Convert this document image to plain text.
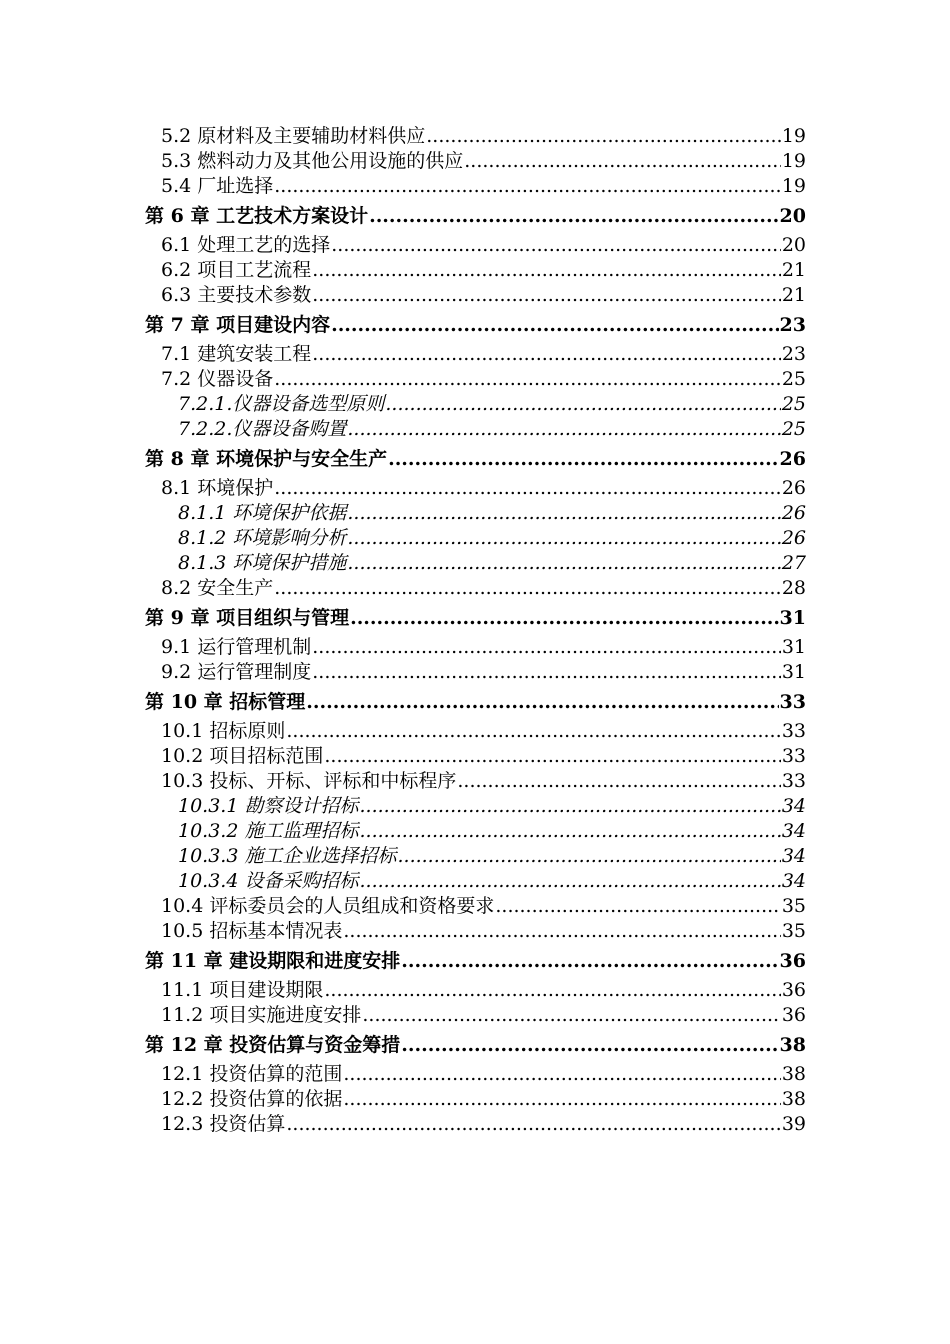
5.2 原材料及主要辅助材料供应 .....	19
5.3 燃料动力及其他公用设施的供应 .....	19
5.4 厂址选择 .....	19
第 6 章 工艺技术方案设计 .....	20
6.1 处理工艺的选择 .....	20
6.2 项目工艺流程 .....	21
6.3 主要技术参数 .....	21
第 7 章 项目建设内容 .....	23
7.1 建筑安装工程 .....	23
7.2 仪器设备 .....	25
7.2.1.仪器设备选型原则 .....	25
7.2.2.仪器设备购置 .....	25
第 8 章 环境保护与安全生产 .....	26
8.1 环境保护 .....	26
8.1.1 环境保护依据 .....	26
8.1.2 环境影响分析 .....	26
8.1.3 环境保护措施 .....	27
8.2 安全生产 .....	28
第 9 章 项目组织与管理 .....	31
9.1 运行管理机制 .....	31
9.2 运行管理制度 .....	31
第 10 章 招标管理 .....	33
10.1 招标原则 .....	33
10.2 项目招标范围 .....	33
10.3 投标、开标、评标和中标程序 .....	33
10.3.1 勘察设计招标 .....	34
10.3.2 施工监理招标 .....	34
10.3.3 施工企业选择招标 .....	34
10.3.4 设备采购招标 .....	34
10.4 评标委员会的人员组成和资格要求 .....	35
10.5 招标基本情况表 .....	35
第 11 章 建设期限和进度安排 .....	36
11.1 项目建设期限 .....	36
11.2 项目实施进度安排 .....	36
第 12 章 投资估算与资金筹措 .....	38
12.1 投资估算的范围 .....	38
12.2 投资估算的依据 .....	38
12.3 投资估算 .....	39
